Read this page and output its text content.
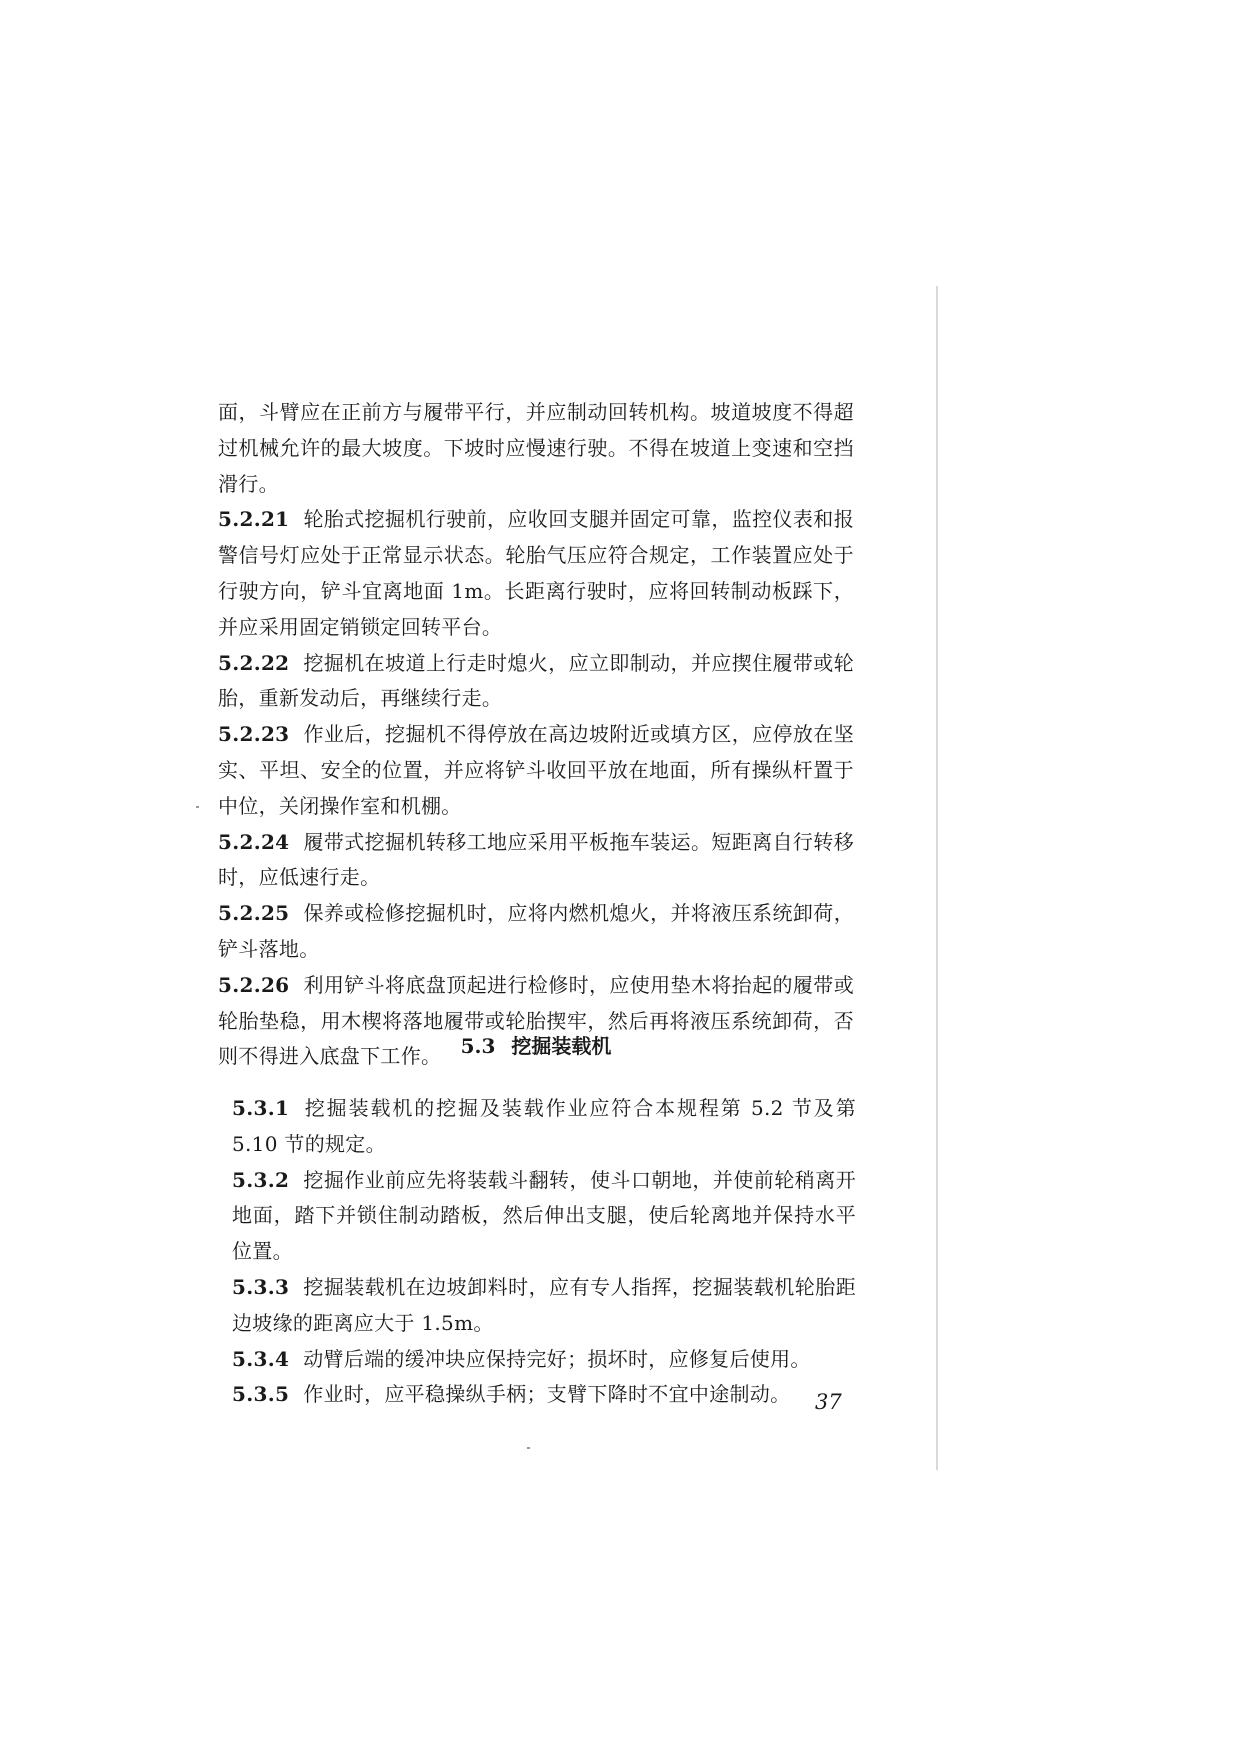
面，斗臂应在正前方与履带平行，并应制动回转机构。坡道坡度不得超过机械允许的最大坡度。下坡时应慢速行驶。不得在坡道上变速和空挡滑行。

5.2.21 轮胎式挖掘机行驶前，应收回支腿并固定可靠，监控仪表和报警信号灯应处于正常显示状态。轮胎气压应符合规定，工作装置应处于行驶方向，铲斗宜离地面 1m。长距离行驶时，应将回转制动板踩下，并应采用固定销锁定回转平台。

5.2.22 挖掘机在坡道上行走时熄火，应立即制动，并应揳住履带或轮胎，重新发动后，再继续行走。

5.2.23 作业后，挖掘机不得停放在高边坡附近或填方区，应停放在坚实、平坦、安全的位置，并应将铲斗收回平放在地面，所有操纵杆置于中位，关闭操作室和机棚。

5.2.24 履带式挖掘机转移工地应采用平板拖车装运。短距离自行转移时，应低速行走。

5.2.25 保养或检修挖掘机时，应将内燃机熄火，并将液压系统卸荷，铲斗落地。

5.2.26 利用铲斗将底盘顶起进行检修时，应使用垫木将抬起的履带或轮胎垫稳，用木楔将落地履带或轮胎揳牢，然后再将液压系统卸荷，否则不得进入底盘下工作。 5.3 挖掘装载机

5.3.1 挖掘装载机的挖掘及装载作业应符合本规程第 5.2 节及第 5.10 节的规定。

5.3.2 挖掘作业前应先将装载斗翻转，使斗口朝地，并使前轮稍离开地面，踏下并锁住制动踏板，然后伸出支腿，使后轮离地并保持水平位置。

5.3.3 挖掘装载机在边坡卸料时，应有专人指挥，挖掘装载机轮胎距边坡缘的距离应大于 1.5m。

5.3.4 动臂后端的缓冲块应保持完好；损坏时，应修复后使用。

5.3.5 作业时，应平稳操纵手柄；支臂下降时不宜中途制动。	37
